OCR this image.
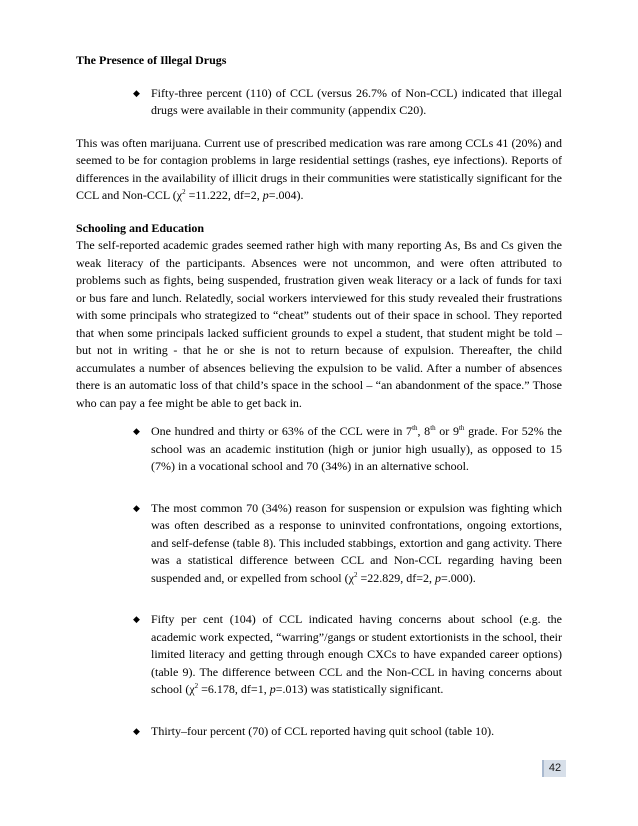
The Presence of Illegal Drugs

◆
Fifty-three percent (110) of CCL (versus 26.7% of Non-CCL) indicated that illegal drugs were available in their community (appendix C20).

This was often marijuana. Current use of prescribed medication was rare among CCLs 41 (20%) and seemed to be for contagion problems in large residential settings (rashes, eye infections). Reports of differences in the availability of illicit drugs in their communities were statistically significant for the CCL and Non-CCL ($\chi^2 =11.222$, df=2, p=.004).

Schooling and Education

The self-reported academic grades seemed rather high with many reporting As, Bs and Cs given the weak literacy of the participants. Absences were not uncommon, and were often attributed to problems such as fights, being suspended, frustration given weak literacy or a lack of funds for taxi or bus fare and lunch. Relatedly, social workers interviewed for this study revealed their frustrations with some principals who strategized to “cheat” students out of their space in school. They reported that when some principals lacked sufficient grounds to expel a student, that student might be told – but not in writing - that he or she is not to return because of expulsion. Thereafter, the child accumulates a number of absences believing the expulsion to be valid. After a number of absences there is an automatic loss of that child’s space in the school – “an abandonment of the space.” Those who can pay a fee might be able to get back in.

◆
One hundred and thirty or 63% of the CCL were in 7th, 8th or 9th grade. For 52% the school was an academic institution (high or junior high usually), as opposed to 15 (7%) in a vocational school and 70 (34%) in an alternative school.
◆
The most common 70 (34%) reason for suspension or expulsion was fighting which was often described as a response to uninvited confrontations, ongoing extortions, and self-defense (table 8). This included stabbings, extortion and gang activity. There was a statistical difference between CCL and Non-CCL regarding having been suspended and, or expelled from school ($\chi^2 =22.829$, df=2, p=.000).
◆
Fifty per cent (104) of CCL indicated having concerns about school (e.g. the academic work expected, “warring”/gangs or student extortionists in the school, their limited literacy and getting through enough CXCs to have expanded career options) (table 9). The difference between CCL and the Non-CCL in having concerns about school ($\chi^2 =6.178$, df=1, p=.013) was statistically significant.
◆
Thirty–four percent (70) of CCL reported having quit school (table 10).
42
